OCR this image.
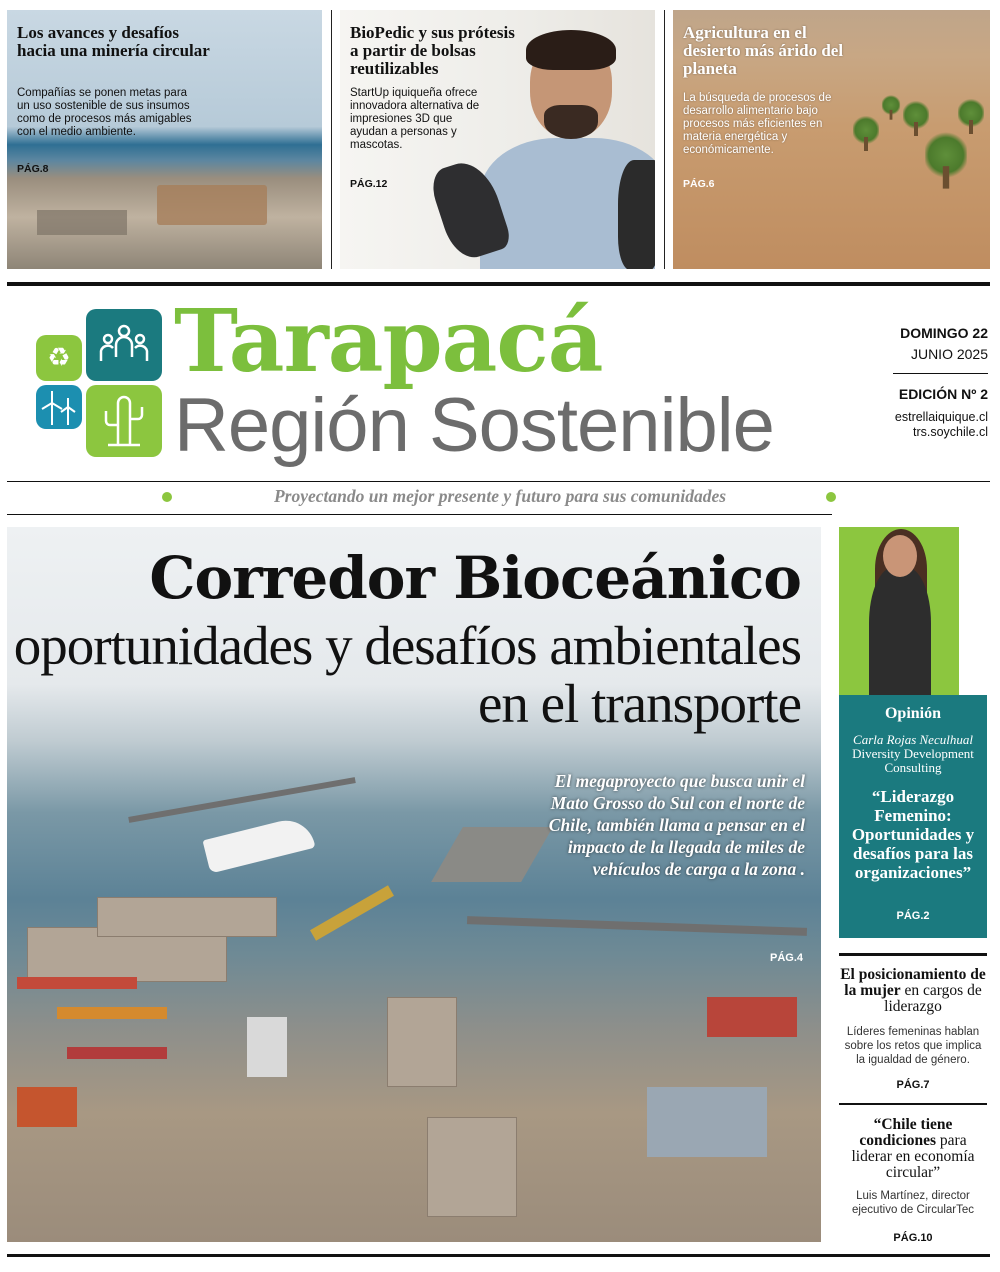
Los avances y desafíos hacia una minería circular
Compañías se ponen metas para un uso sostenible de sus insumos como de procesos más amigables con el medio ambiente.
PÁG.8
BioPedic y sus prótesis a partir de bolsas reutilizables
StartUp iquiqueña ofrece innovadora alternativa de impresiones 3D que ayudan a personas y mascotas.
PÁG.12
Agricultura en el desierto más árido del planeta
La búsqueda de procesos de desarrollo alimentario bajo procesos más eficientes en materia energética y económicamente.
PÁG.6
♻ Tarapacá
Región Sostenible
DOMINGO 22
JUNIO 2025
EDICIÓN Nº 2
estrellaiquique.cl
trs.soychile.cl
Proyectando un mejor presente y futuro para sus comunidades
Corredor Bioceánico
oportunidades y desafíos ambientales en el transporte
El megaproyecto que busca unir el Mato Grosso do Sul con el norte de Chile, también llama a pensar en el impacto de la llegada de miles de vehículos de carga a la zona .
PÁG.4
Opinión
Carla Rojas Neculhual
Diversity Development Consulting
“Liderazgo Femenino: Oportunidades y desafíos para las organizaciones”
PÁG.2
El posicionamiento de la mujer en cargos de liderazgo
Líderes femeninas hablan sobre los retos que implica la igualdad de género.
PÁG.7
“Chile tiene condiciones para liderar en economía circular”
Luis Martínez, director ejecutivo de CircularTec
PÁG.10
